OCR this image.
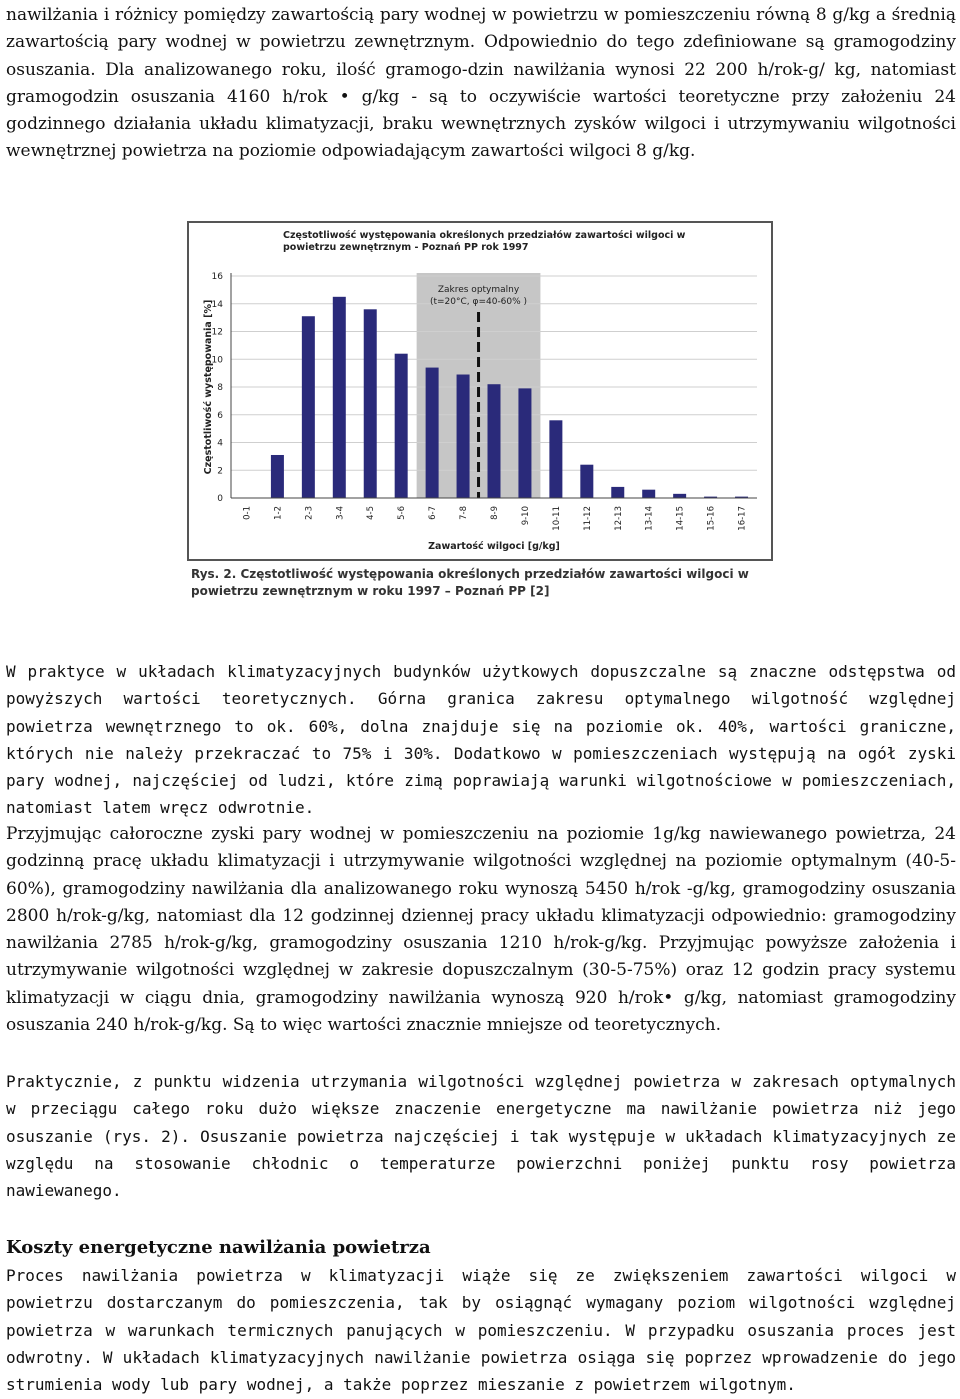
nawilżania i różnicy pomiędzy zawartością pary wodnej w powietrzu w pomieszczeniu równą 8 g/kg a średnią zawartością pary wodnej w powietrzu zewnętrznym. Odpowiednio do tego zdefiniowane są gramogodziny osuszania. Dla analizowanego roku, ilość gramogo-dzin nawilżania wynosi 22 200 h/rok-g/ kg, natomiast gramogodzin osuszania 4160 h/rok • g/kg - są to oczywiście wartości teoretyczne przy założeniu 24 godzinnego działania układu klimatyzacji, braku wewnętrznych zysków wilgoci i utrzymywaniu wilgotności wewnętrznej powietrza na poziomie odpowiadającym zawartości wilgoci 8 g/kg.

Częstotliwość występowania określonych przedziałów zawartości wilgoci w powietrzu zewnętrznym - Poznań PP rok 1997
0
2
4
6
8
10
12
14
16
Zakres optymalny
(t=20°C, φ=40-60% )
0-1 1-2 2-3 3-4 4-5 5-6 6-7 7-8 8-9 9-10 10-11 11-12 12-13 13-14 14-15 15-16 16-17
Zawartość wilgoci [g/kg]
Częstotliwość występowania [%]

Rys. 2. Częstotliwość występowania określonych przedziałów zawartości wilgoci w powietrzu zewnętrznym w roku 1997 – Poznań PP [2]

W praktyce w układach klimatyzacyjnych budynków użytkowych dopuszczalne są znaczne odstępstwa od powyższych wartości teoretycznych. Górna granica zakresu optymalnego wilgotność względnej powietrza wewnętrznego to ok. 60%, dolna znajduje się na poziomie ok. 40%, wartości graniczne, których nie należy przekraczać to 75% i 30%. Dodatkowo w pomieszczeniach występują na ogół zyski pary wodnej, najczęściej od ludzi, które zimą poprawiają warunki wilgotnościowe w pomieszczeniach, natomiast latem wręcz odwrotnie.

Przyjmując całoroczne zyski pary wodnej w pomieszczeniu na poziomie 1g/kg nawiewanego powietrza, 24 godzinną pracę układu klimatyzacji i utrzymywanie wilgotności względnej na poziomie optymalnym (40-5-60%), gramogodziny nawilżania dla analizowanego roku wynoszą 5450 h/rok -g/kg, gramogodziny osuszania 2800 h/rok-g/kg, natomiast dla 12 godzinnej dziennej pracy układu klimatyzacji odpowiednio: gramogodziny nawilżania 2785 h/rok-g/kg, gramogodziny osuszania 1210 h/rok-g/kg. Przyjmując powyższe założenia i utrzymywanie wilgotności względnej w zakresie dopuszczalnym (30-5-75%) oraz 12 godzin pracy systemu klimatyzacji w ciągu dnia, gramogodziny nawilżania wynoszą 920 h/rok• g/kg, natomiast gramogodziny osuszania 240 h/rok-g/kg. Są to więc wartości znacznie mniejsze od teoretycznych.

Praktycznie, z punktu widzenia utrzymania wilgotności względnej powietrza w zakresach optymalnych w przeciągu całego roku dużo większe znaczenie energetyczne ma nawilżanie powietrza niż jego osuszanie (rys. 2). Osuszanie powietrza najczęściej i tak występuje w układach klimatyzacyjnych ze względu na stosowanie chłodnic o temperaturze powierzchni poniżej punktu rosy powietrza nawiewanego.

Koszty energetyczne nawilżania powietrza

Proces nawilżania powietrza w klimatyzacji wiąże się ze zwiększeniem zawartości wilgoci w powietrzu dostarczanym do pomieszczenia, tak by osiągnąć wymagany poziom wilgotności względnej powietrza w warunkach termicznych panujących w pomieszczeniu. W przypadku osuszania proces jest odwrotny. W układach klimatyzacyjnych nawilżanie powietrza osiąga się poprzez wprowadzenie do jego strumienia wody lub pary wodnej, a także poprzez mieszanie z powietrzem wilgotnym.
